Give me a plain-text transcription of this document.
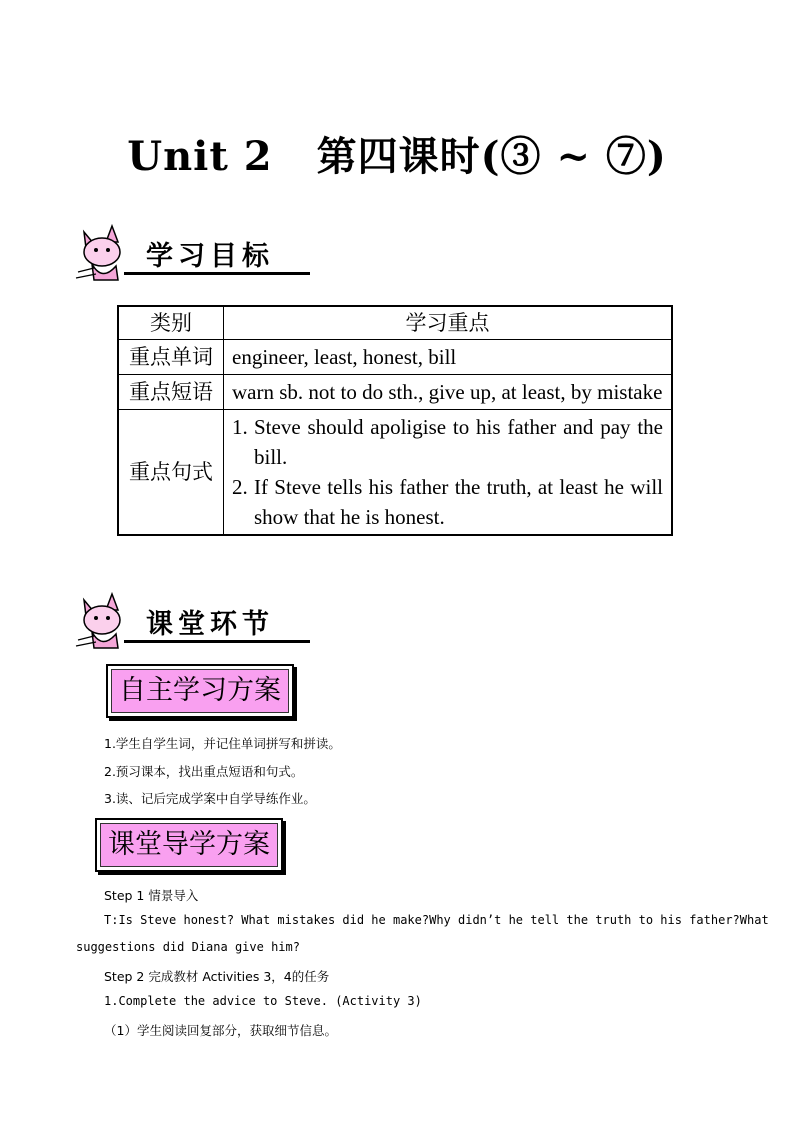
Unit 2 第四课时(③ ~ ⑦)
学习目标
类别	学习重点
重点单词	engineer, least, honest, bill
重点短语	warn sb. not to do sth., give up, at least, by mistake
重点句式	1. Steve should apoligise to his father and pay the bill.
2. If Steve tells his father the truth, at least he will show that he is honest.
课堂环节
自主学习方案
1.学生自学生词，并记住单词拼写和拼读。
2.预习课本，找出重点短语和句式。
3.读、记后完成学案中自学导练作业。
课堂导学方案
Step 1 情景导入
T:Is Steve honest? What mistakes did he make?Why didn’t he tell the truth to his father?What
suggestions did Diana give him?
Step 2 完成教材 Activities 3，4的任务
1.Complete the advice to Steve. (Activity 3)
（1）学生阅读回复部分，获取细节信息。
